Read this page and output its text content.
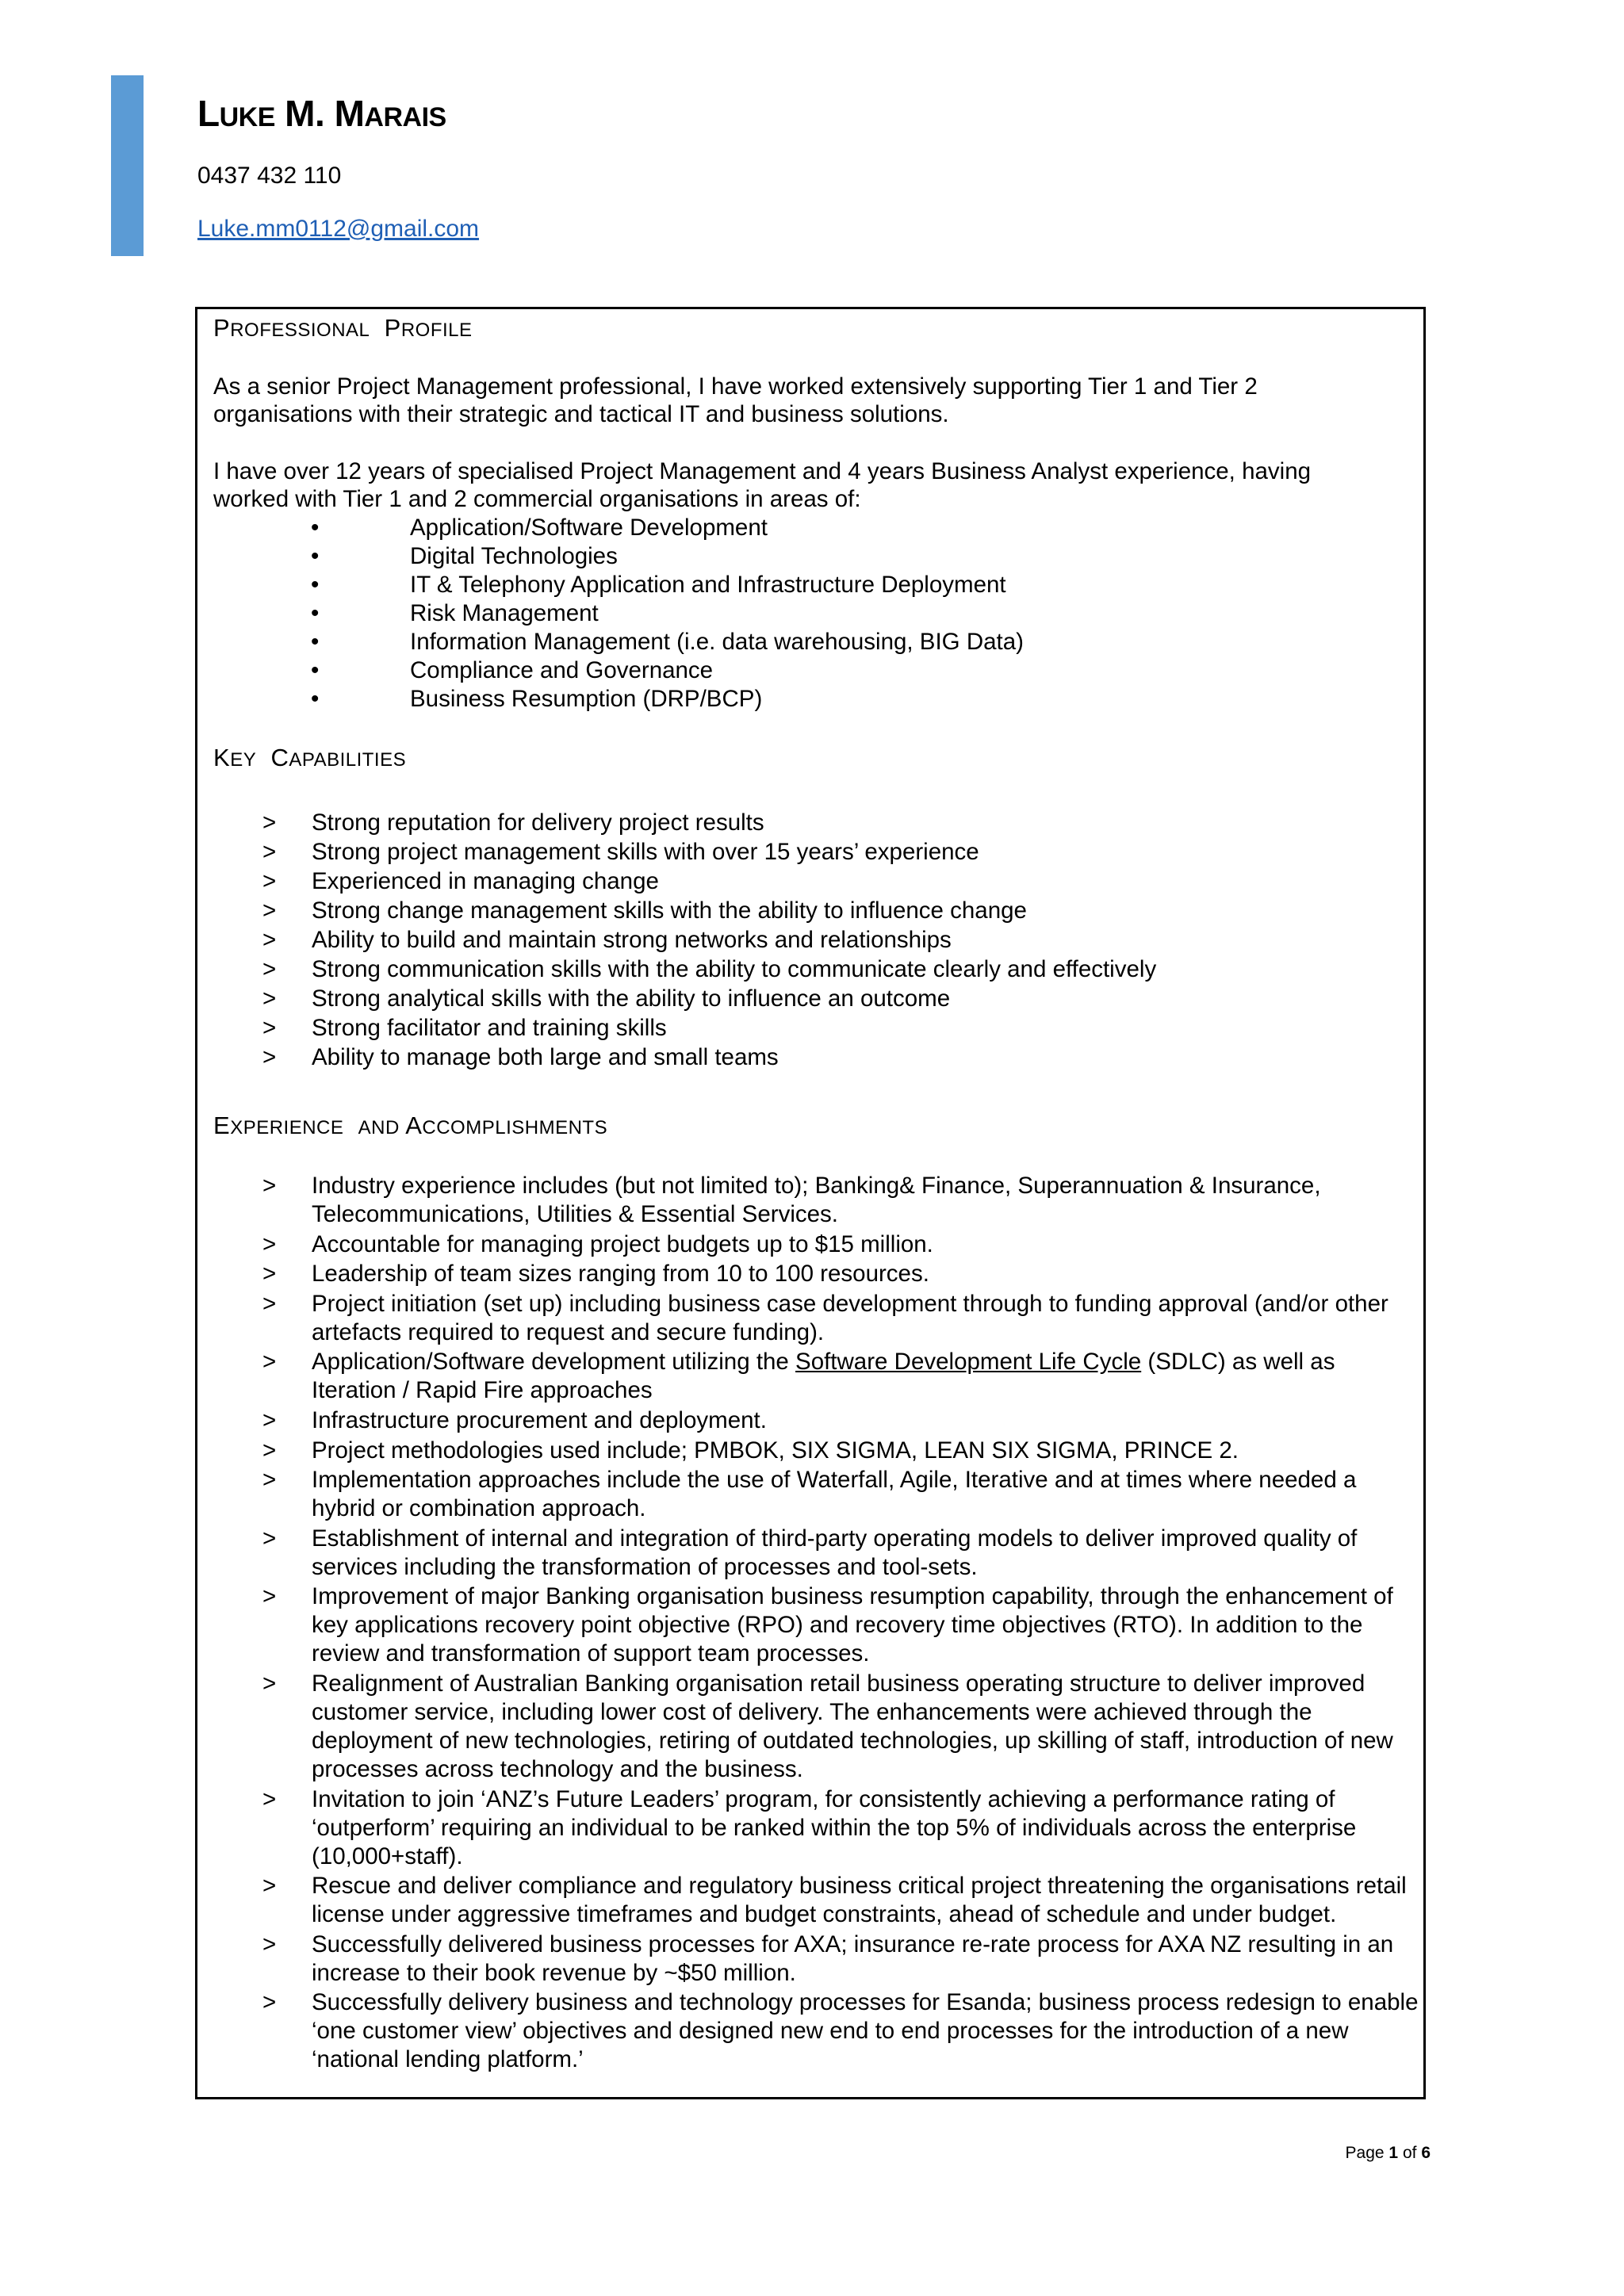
LUKE M. MARAIS
0437 432 110
Luke.mm0112@gmail.com
PROFESSIONAL PROFILE

As a senior Project Management professional, I have worked extensively supporting Tier 1 and Tier 2 organisations with their strategic and tactical IT and business solutions.

I have over 12 years of specialised Project Management and 4 years Business Analyst experience, having worked with Tier 1 and 2 commercial organisations in areas of:

•	Application/Software Development
•	Digital Technologies
•	IT & Telephony Application and Infrastructure Deployment
•	Risk Management
•	Information Management (i.e. data warehousing, BIG Data)
•	Compliance and Governance
•	Business Resumption (DRP/BCP)
KEY CAPABILITIES
> Strong reputation for delivery project results
> Strong project management skills with over 15 years’ experience
> Experienced in managing change
> Strong change management skills with the ability to influence change
> Ability to build and maintain strong networks and relationships
> Strong communication skills with the ability to communicate clearly and effectively
> Strong analytical skills with the ability to influence an outcome
> Strong facilitator and training skills
> Ability to manage both large and small teams
EXPERIENCE AND ACCOMPLISHMENTS
> Industry experience includes (but not limited to); Banking& Finance, Superannuation & Insurance, Telecommunications, Utilities & Essential Services.
> Accountable for managing project budgets up to $15 million.
> Leadership of team sizes ranging from 10 to 100 resources.
> Project initiation (set up) including business case development through to funding approval (and/or other artefacts required to request and secure funding).
> Application/Software development utilizing the Software Development Life Cycle (SDLC) as well as Iteration / Rapid Fire approaches
> Infrastructure procurement and deployment.
> Project methodologies used include; PMBOK, SIX SIGMA, LEAN SIX SIGMA, PRINCE 2.
> Implementation approaches include the use of Waterfall, Agile, Iterative and at times where needed a hybrid or combination approach.
> Establishment of internal and integration of third-party operating models to deliver improved quality of services including the transformation of processes and tool-sets.
> Improvement of major Banking organisation business resumption capability, through the enhancement of key applications recovery point objective (RPO) and recovery time objectives (RTO). In addition to the review and transformation of support team processes.
> Realignment of Australian Banking organisation retail business operating structure to deliver improved customer service, including lower cost of delivery. The enhancements were achieved through the deployment of new technologies, retiring of outdated technologies, up skilling of staff, introduction of new processes across technology and the business.
> Invitation to join ‘ANZ’s Future Leaders’ program, for consistently achieving a performance rating of ‘outperform’ requiring an individual to be ranked within the top 5% of individuals across the enterprise (10,000+staff).
> Rescue and deliver compliance and regulatory business critical project threatening the organisations retail license under aggressive timeframes and budget constraints, ahead of schedule and under budget.
> Successfully delivered business processes for AXA; insurance re-rate process for AXA NZ resulting in an increase to their book revenue by ~$50 million.
> Successfully delivery business and technology processes for Esanda; business process redesign to enable ‘one customer view’ objectives and designed new end to end processes for the introduction of a new ‘national lending platform.’
Page 1 of 6
